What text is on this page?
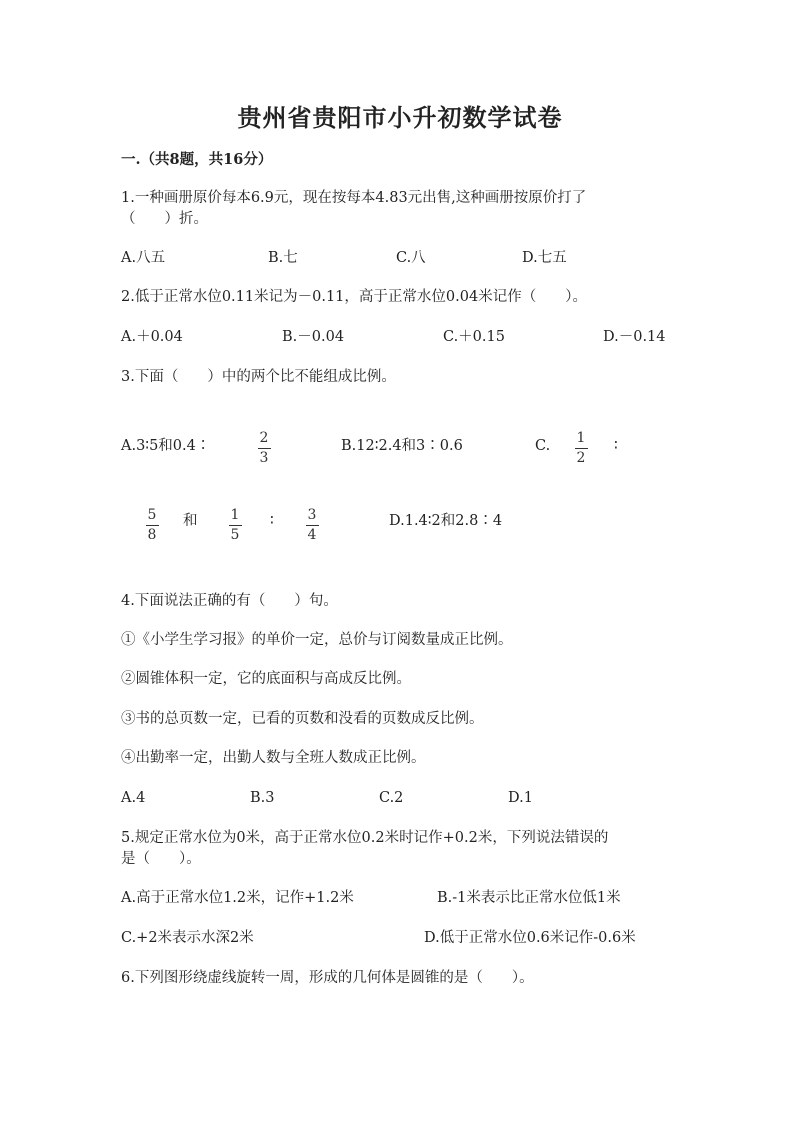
贵州省贵阳市小升初数学试卷
一.（共8题，共16分）
1.一种画册原价每本6.9元，现在按每本4.83元出售,这种画册按原价打了
（　　）折。
A.八五	B.七	C.八	D.七五
2.低于正常水位0.11米记为－0.11，高于正常水位0.04米记作（　　）。
A.＋0.04	B.－0.04	C.＋0.15	D.－0.14
3.下面（　　）中的两个比不能组成比例。
A.3∶5和0.4∶	2
3
B.12∶2.4和3∶0.6	C. 1
2
∶
5
8
和 1
5
∶ 3
4
D.1.4∶2和2.8∶4
4.下面说法正确的有（　　）句。
①《小学生学习报》的单价一定，总价与订阅数量成正比例。
②圆锥体积一定，它的底面积与高成反比例。
③书的总页数一定，已看的页数和没看的页数成反比例。
④出勤率一定，出勤人数与全班人数成正比例。
A.4	B.3	C.2	D.1
5.规定正常水位为0米，高于正常水位0.2米时记作+0.2米，下列说法错误的
是（　　）。
A.高于正常水位1.2米，记作+1.2米	B.-1米表示比正常水位低1米
C.+2米表示水深2米	D.低于正常水位0.6米记作-0.6米
6.下列图形绕虚线旋转一周，形成的几何体是圆锥的是（　　）。
